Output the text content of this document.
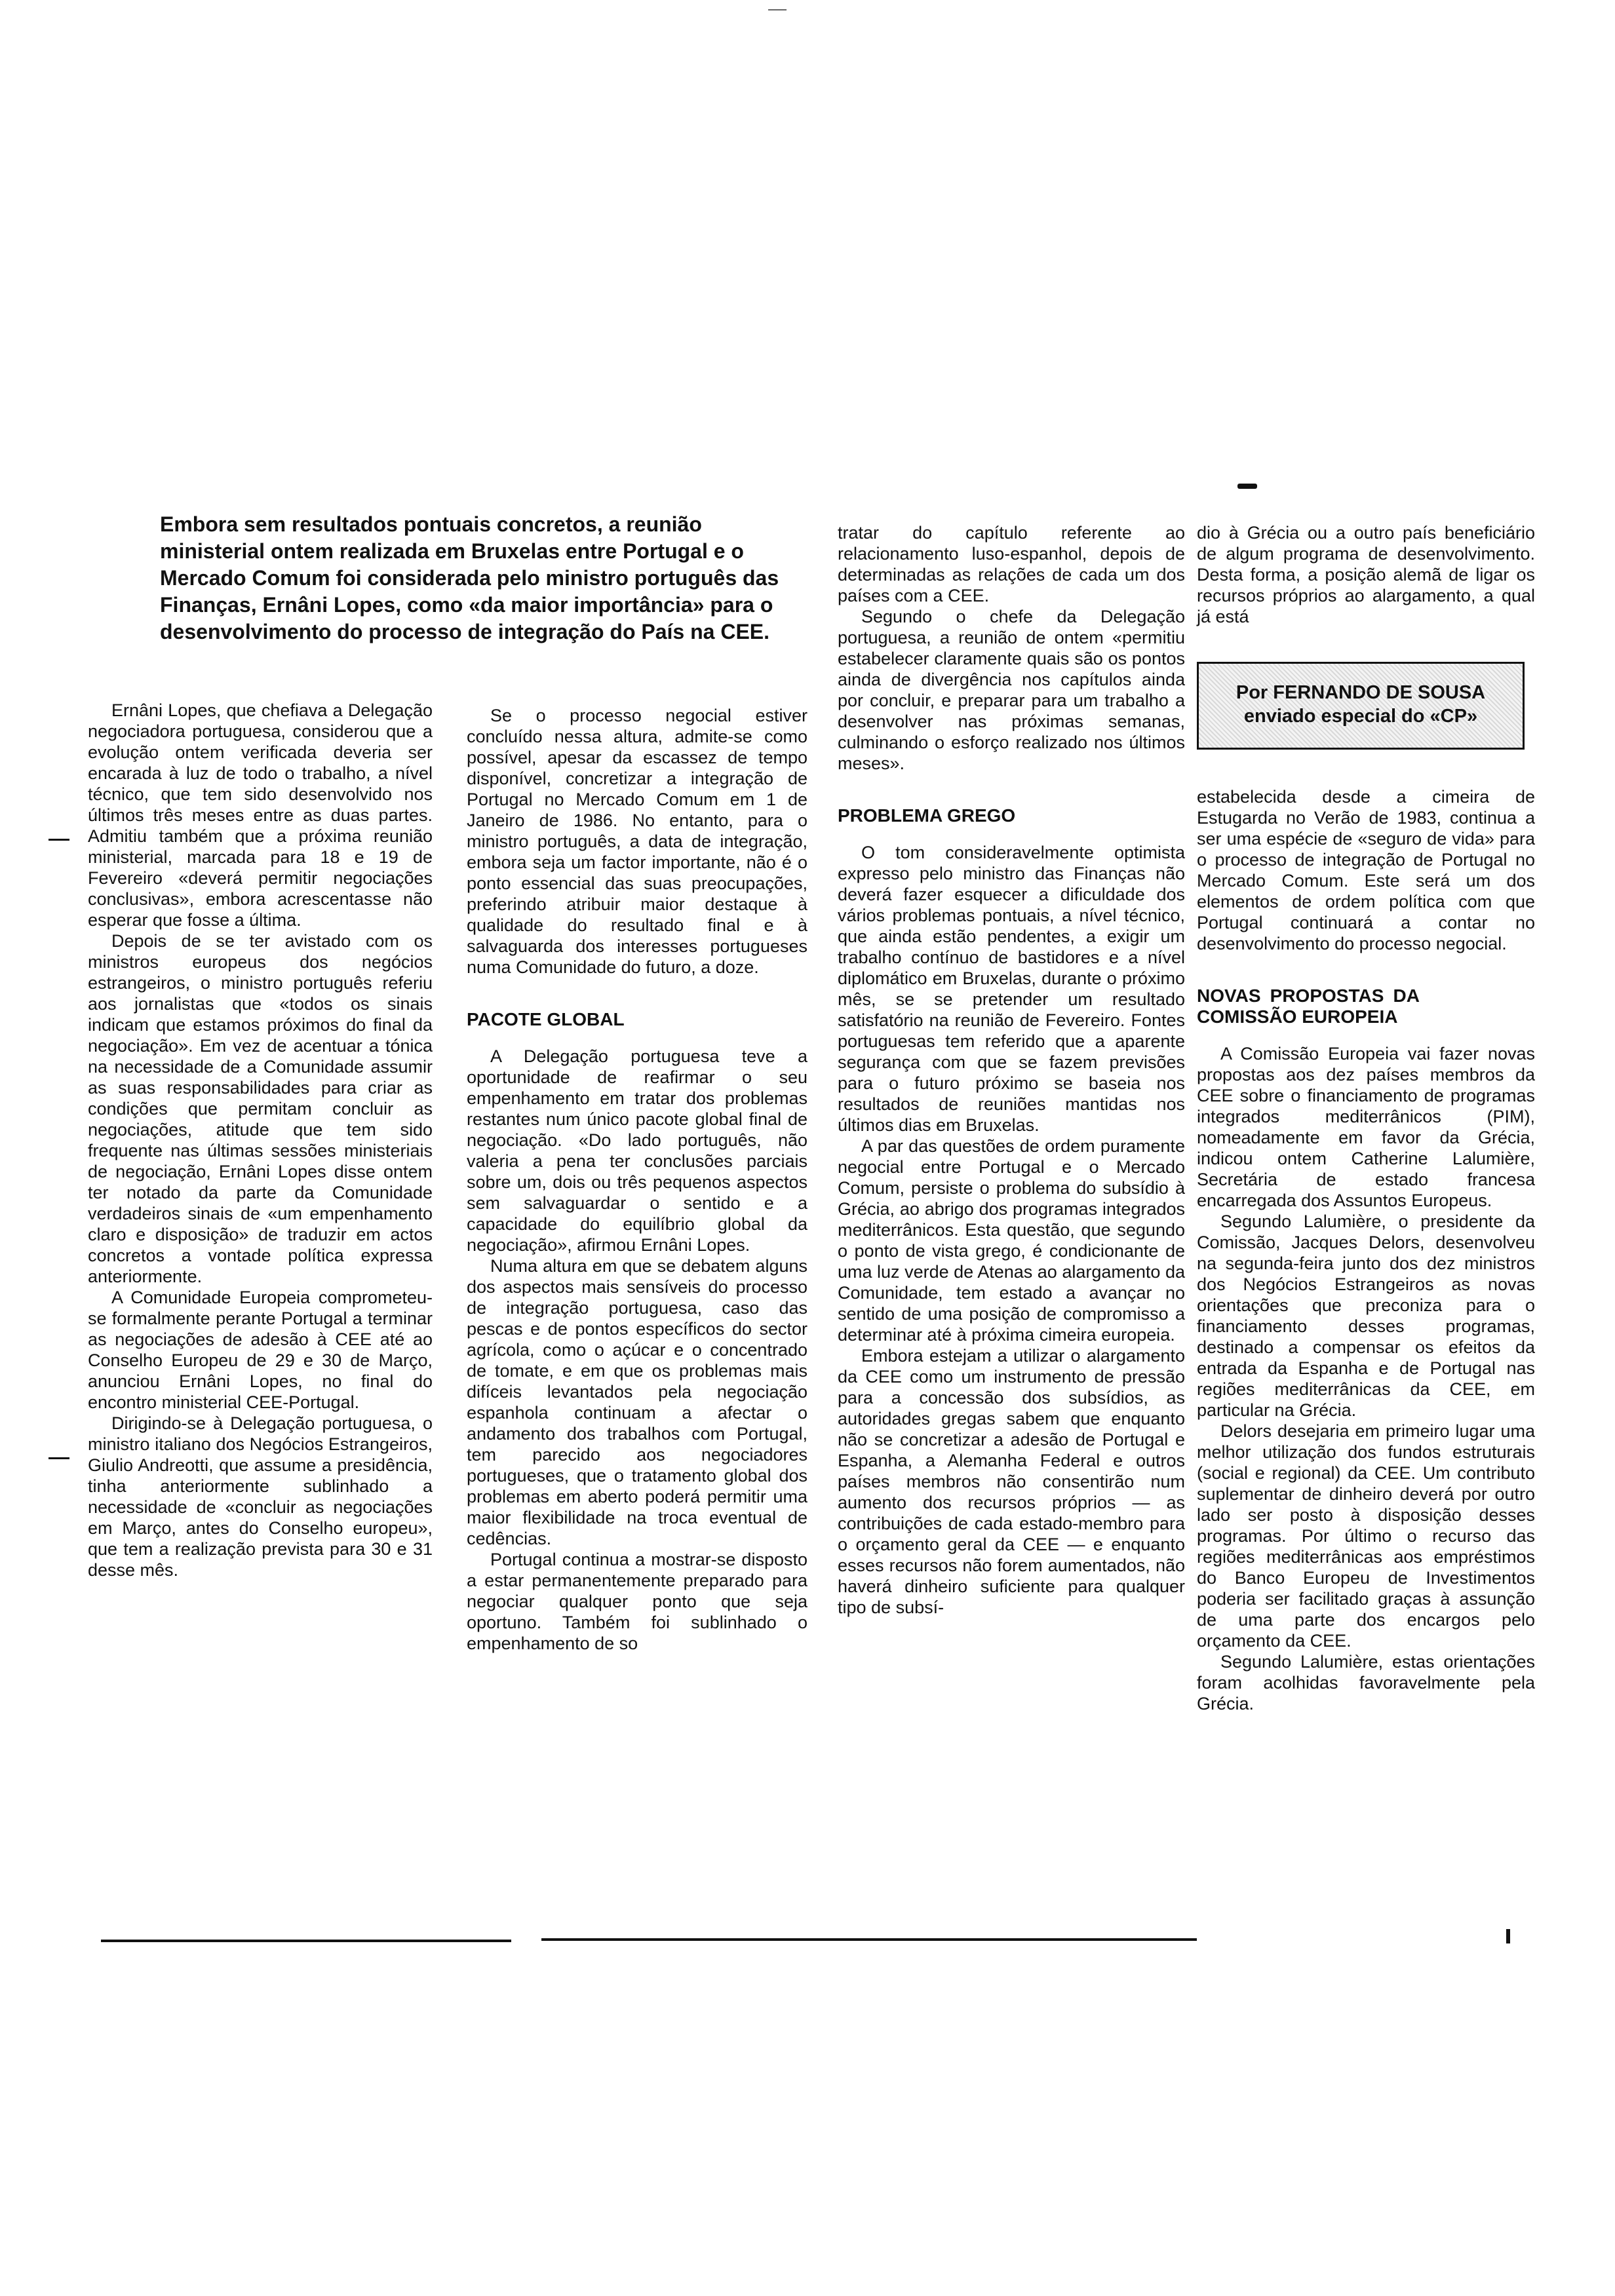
Embora sem resultados pontuais concretos, a reunião ministerial ontem realizada em Bruxelas entre Portugal e o Mercado Comum foi considerada pelo ministro português das Finanças, Ernâni Lopes, como «da maior importância» para o desenvolvimento do processo de integração do País na CEE.

Ernâni Lopes, que chefiava a Delegação negociadora portuguesa, considerou que a evolução ontem verificada deveria ser encarada à luz de todo o trabalho, a nível técnico, que tem sido desenvolvido nos últimos três meses entre as duas partes. Admitiu também que a próxima reunião ministerial, marcada para 18 e 19 de Fevereiro «deverá permitir negociações conclusivas», embora acrescentasse não esperar que fosse a última.

Depois de se ter avistado com os ministros europeus dos negócios estrangeiros, o ministro português referiu aos jornalistas que «todos os sinais indicam que estamos próximos do final da negociação». Em vez de acentuar a tónica na necessidade de a Comunidade assumir as suas responsabilidades para criar as condições que permitam concluir as negociações, atitude que tem sido frequente nas últimas sessões ministeriais de negociação, Ernâni Lopes disse ontem ter notado da parte da Comunidade verdadeiros sinais de «um empenhamento claro e disposição» de traduzir em actos concretos a vontade política expressa anteriormente.

A Comunidade Europeia comprometeu-se formalmente perante Portugal a terminar as negociações de adesão à CEE até ao Conselho Europeu de 29 e 30 de Março, anunciou Ernâni Lopes, no final do encontro ministerial CEE-Portugal.

Dirigindo-se à Delegação portuguesa, o ministro italiano dos Negócios Estrangeiros, Giulio Andreotti, que assume a presidência, tinha anteriormente sublinhado a necessidade de «concluir as negociações em Março, antes do Conselho europeu», que tem a realização prevista para 30 e 31 desse mês.

Se o processo negocial estiver concluído nessa altura, admite-se como possível, apesar da escassez de tempo disponível, concretizar a integração de Portugal no Mercado Comum em 1 de Janeiro de 1986. No entanto, para o ministro português, a data de integração, embora seja um factor importante, não é o ponto essencial das suas preocupações, preferindo atribuir maior destaque à qualidade do resultado final e à salvaguarda dos interesses portugueses numa Comunidade do futuro, a doze.

PACOTE GLOBAL

A Delegação portuguesa teve a oportunidade de reafirmar o seu empenhamento em tratar dos problemas restantes num único pacote global final de negociação. «Do lado português, não valeria a pena ter conclusões parciais sobre um, dois ou três pequenos aspectos sem salvaguardar o sentido e a capacidade do equilíbrio global da negociação», afirmou Ernâni Lopes.

Numa altura em que se debatem alguns dos aspectos mais sensíveis do processo de integração portuguesa, caso das pescas e de pontos específicos do sector agrícola, como o açúcar e o concentrado de tomate, e em que os problemas mais difíceis levantados pela negociação espanhola continuam a afectar o andamento dos trabalhos com Portugal, tem parecido aos negociadores portugueses, que o tratamento global dos problemas em aberto poderá permitir uma maior flexibilidade na troca eventual de cedências.

Portugal continua a mostrar-se disposto a estar permanentemente preparado para negociar qualquer ponto que seja oportuno. Também foi sublinhado o empenhamento de so

tratar do capítulo referente ao relacionamento luso-espanhol, depois de determinadas as relações de cada um dos países com a CEE.

Segundo o chefe da Delegação portuguesa, a reunião de ontem «permitiu estabelecer claramente quais são os pontos ainda de divergência nos capítulos ainda por concluir, e preparar para um trabalho a desenvolver nas próximas semanas, culminando o esforço realizado nos últimos meses».

PROBLEMA GREGO

O tom consideravelmente optimista expresso pelo ministro das Finanças não deverá fazer esquecer a dificuldade dos vários problemas pontuais, a nível técnico, que ainda estão pendentes, a exigir um trabalho contínuo de bastidores e a nível diplomático em Bruxelas, durante o próximo mês, se se pretender um resultado satisfatório na reunião de Fevereiro. Fontes portuguesas tem referido que a aparente segurança com que se fazem previsões para o futuro próximo se baseia nos resultados de reuniões mantidas nos últimos dias em Bruxelas.

A par das questões de ordem puramente negocial entre Portugal e o Mercado Comum, persiste o problema do subsídio à Grécia, ao abrigo dos programas integrados mediterrânicos. Esta questão, que segundo o ponto de vista grego, é condicionante de uma luz verde de Atenas ao alargamento da Comunidade, tem estado a avançar no sentido de uma posição de compromisso a determinar até à próxima cimeira europeia.

Embora estejam a utilizar o alargamento da CEE como um instrumento de pressão para a concessão dos subsídios, as autoridades gregas sabem que enquanto não se concretizar a adesão de Portugal e Espanha, a Alemanha Federal e outros países membros não consentirão num aumento dos recursos próprios — as contribuições de cada estado-membro para o orçamento geral da CEE — e enquanto esses recursos não forem aumentados, não haverá dinheiro suficiente para qualquer tipo de subsí-

dio à Grécia ou a outro país beneficiário de algum programa de desenvolvimento. Desta forma, a posição alemã de ligar os recursos próprios ao alargamento, a qual já está

Por FERNANDO DE SOUSA
enviado especial do «CP»

estabelecida desde a cimeira de Estugarda no Verão de 1983, continua a ser uma espécie de «seguro de vida» para o processo de integração de Portugal no Mercado Comum. Este será um dos elementos de ordem política com que Portugal continuará a contar no desenvolvimento do processo negocial.

NOVAS PROPOSTAS DA COMISSÃO EUROPEIA

A Comissão Europeia vai fazer novas propostas aos dez países membros da CEE sobre o financiamento de programas integrados mediterrânicos (PIM), nomeadamente em favor da Grécia, indicou ontem Catherine Lalumière, Secretária de estado francesa encarregada dos Assuntos Europeus.

Segundo Lalumière, o presidente da Comissão, Jacques Delors, desenvolveu na segunda-feira junto dos dez ministros dos Negócios Estrangeiros as novas orientações que preconiza para o financiamento desses programas, destinado a compensar os efeitos da entrada da Espanha e de Portugal nas regiões mediterrânicas da CEE, em particular na Grécia.

Delors desejaria em primeiro lugar uma melhor utilização dos fundos estruturais (social e regional) da CEE. Um contributo suplementar de dinheiro deverá por outro lado ser posto à disposição desses programas. Por último o recurso das regiões mediterrânicas aos empréstimos do Banco Europeu de Investimentos poderia ser facilitado graças à assunção de uma parte dos encargos pelo orçamento da CEE.

Segundo Lalumière, estas orientações foram acolhidas favoravelmente pela Grécia.
